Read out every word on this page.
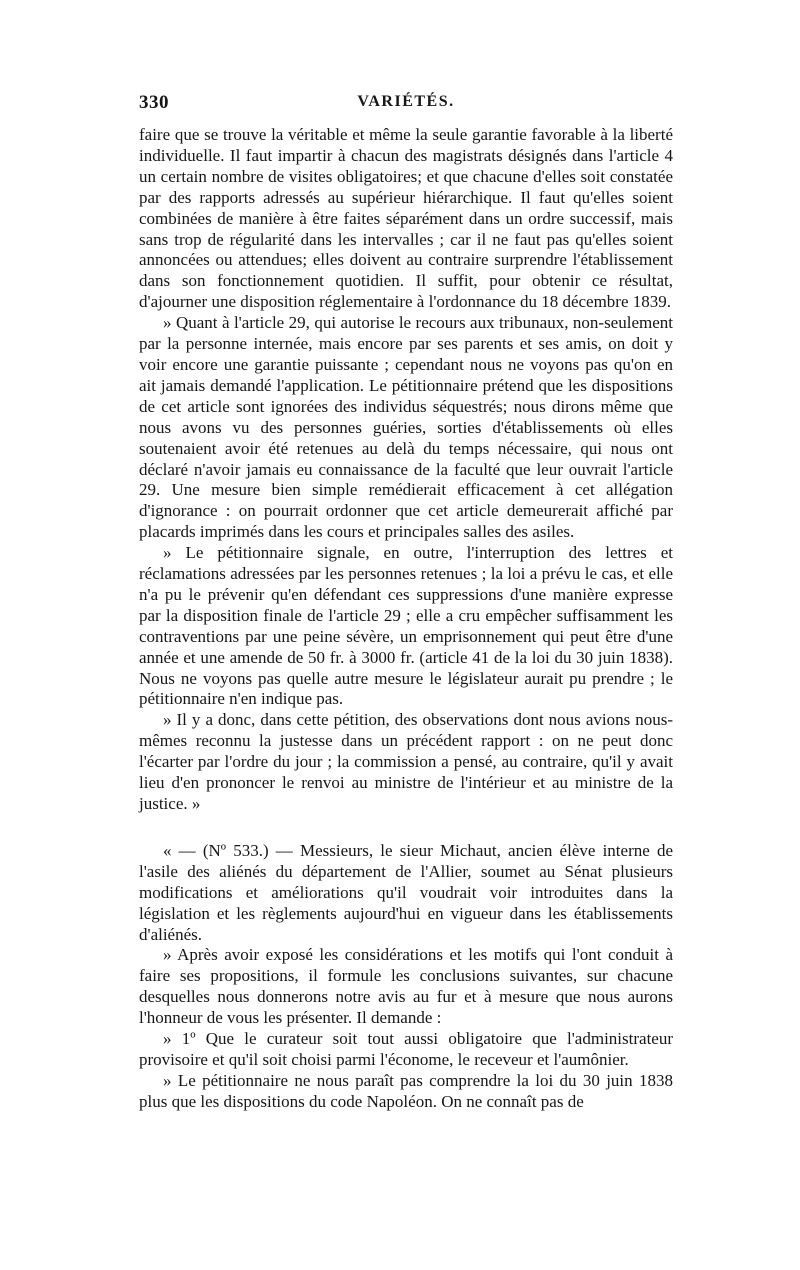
330	VARIÉTÉS.

faire que se trouve la véritable et même la seule garantie favorable à la liberté individuelle. Il faut impartir à chacun des magistrats désignés dans l'article 4 un certain nombre de visites obligatoires; et que chacune d'elles soit constatée par des rapports adressés au supérieur hiérarchique. Il faut qu'elles soient combinées de manière à être faites séparément dans un ordre successif, mais sans trop de régularité dans les intervalles ; car il ne faut pas qu'elles soient annoncées ou attendues; elles doivent au contraire surprendre l'établissement dans son fonctionnement quotidien. Il suffit, pour obtenir ce résultat, d'ajourner une disposition réglementaire à l'ordonnance du 18 décembre 1839.

» Quant à l'article 29, qui autorise le recours aux tribunaux, non-seulement par la personne internée, mais encore par ses parents et ses amis, on doit y voir encore une garantie puissante ; cependant nous ne voyons pas qu'on en ait jamais demandé l'application. Le pétitionnaire prétend que les dispositions de cet article sont ignorées des individus séquestrés; nous dirons même que nous avons vu des personnes guéries, sorties d'établissements où elles soutenaient avoir été retenues au delà du temps nécessaire, qui nous ont déclaré n'avoir jamais eu connaissance de la faculté que leur ouvrait l'article 29. Une mesure bien simple remédierait efficacement à cet allégation d'ignorance : on pourrait ordonner que cet article demeurerait affiché par placards imprimés dans les cours et principales salles des asiles.

» Le pétitionnaire signale, en outre, l'interruption des lettres et réclamations adressées par les personnes retenues ; la loi a prévu le cas, et elle n'a pu le prévenir qu'en défendant ces suppressions d'une manière expresse par la disposition finale de l'article 29 ; elle a cru empêcher suffisamment les contraventions par une peine sévère, un emprisonnement qui peut être d'une année et une amende de 50 fr. à 3000 fr. (article 41 de la loi du 30 juin 1838). Nous ne voyons pas quelle autre mesure le législateur aurait pu prendre ; le pétitionnaire n'en indique pas.

» Il y a donc, dans cette pétition, des observations dont nous avions nous-mêmes reconnu la justesse dans un précédent rapport : on ne peut donc l'écarter par l'ordre du jour ; la commission a pensé, au contraire, qu'il y avait lieu d'en prononcer le renvoi au ministre de l'intérieur et au ministre de la justice. »

« — (Nº 533.) — Messieurs, le sieur Michaut, ancien élève interne de l'asile des aliénés du département de l'Allier, soumet au Sénat plusieurs modifications et améliorations qu'il voudrait voir introduites dans la législation et les règlements aujourd'hui en vigueur dans les établissements d'aliénés.

» Après avoir exposé les considérations et les motifs qui l'ont conduit à faire ses propositions, il formule les conclusions suivantes, sur chacune desquelles nous donnerons notre avis au fur et à mesure que nous aurons l'honneur de vous les présenter. Il demande :

» 1º Que le curateur soit tout aussi obligatoire que l'administrateur provisoire et qu'il soit choisi parmi l'économe, le receveur et l'aumônier.

» Le pétitionnaire ne nous paraît pas comprendre la loi du 30 juin 1838 plus que les dispositions du code Napoléon. On ne connaît pas de
